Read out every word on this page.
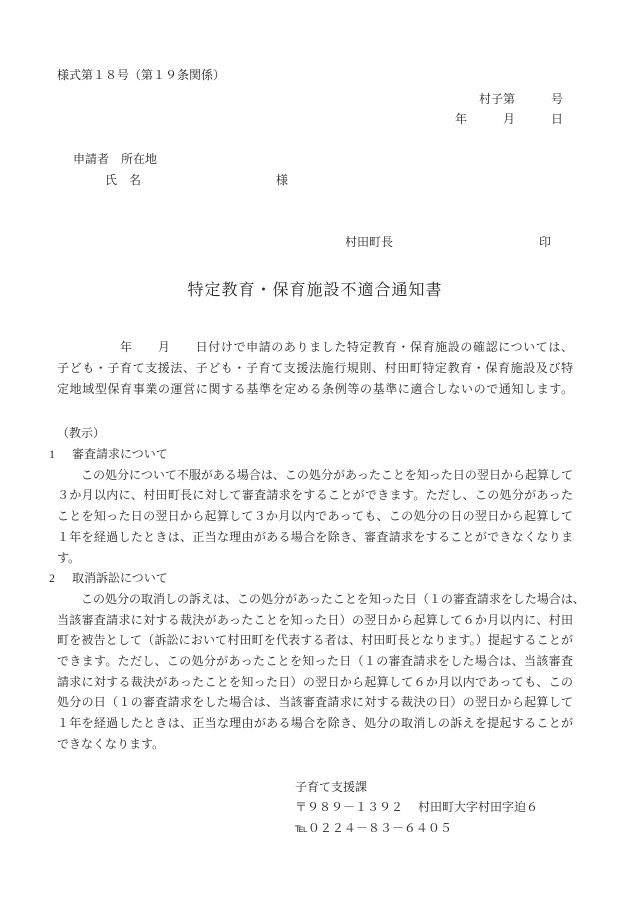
様式第１８号（第１９条関係）
村子第　　　号
年　　　月　　　日
申請者　所在地
氏　名	様
村田町長	印
特定教育・保育施設不適合通知書
　　　　　年　　月　　日付けで申請のありました特定教育・保育施設の確認については、
子ども・子育て支援法、子ども・子育て支援法施行規則、村田町特定教育・保育施設及び特
定地域型保育事業の運営に関する基準を定める条例等の基準に適合しないので通知します。
（教示）
1	審査請求について
　　この処分について不服がある場合は、この処分があったことを知った日の翌日から起算して
３か月以内に、村田町長に対して審査請求をすることができます。ただし、この処分があった
ことを知った日の翌日から起算して３か月以内であっても、この処分の日の翌日から起算して
１年を経過したときは、正当な理由がある場合を除き、審査請求をすることができなくなりま
す。
2	取消訴訟について
　　この処分の取消しの訴えは、この処分があったことを知った日（１の審査請求をした場合は、
当該審査請求に対する裁決があったことを知った日）の翌日から起算して６か月以内に、村田
町を被告として（訴訟において村田町を代表する者は、村田町長となります。）提起することが
できます。ただし、この処分があったことを知った日（１の審査請求をした場合は、当該審査
請求に対する裁決があったことを知った日）の翌日から起算して６か月以内であっても、この
処分の日（１の審査請求をした場合は、当該審査請求に対する裁決の日）の翌日から起算して
１年を経過したときは、正当な理由がある場合を除き、処分の取消しの訴えを提起することが
できなくなります。
子育て支援課
〒９８９－１３９２　 村田町大字村田字迫６
℡０２２４－８３－６４０５
